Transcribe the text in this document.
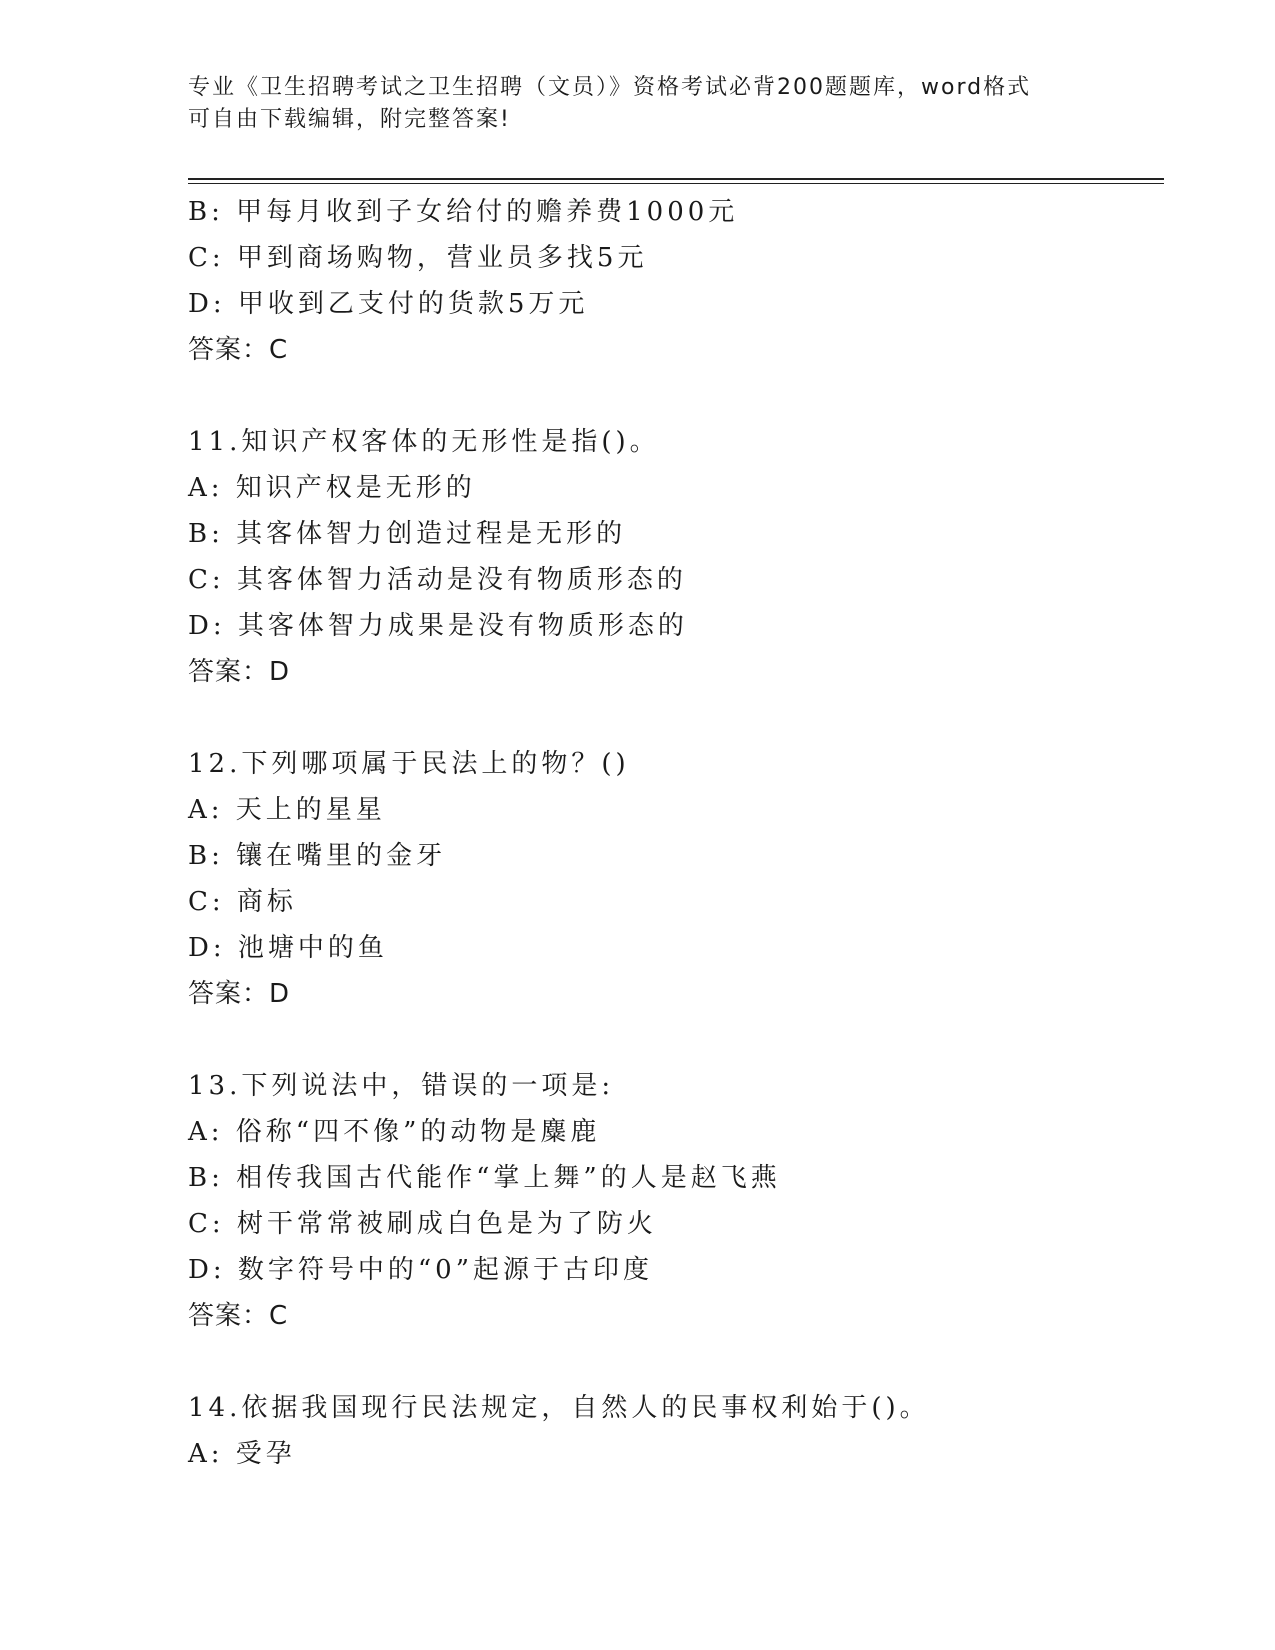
专业《卫生招聘考试之卫生招聘（文员）》资格考试必背200题题库，word格式
可自由下载编辑，附完整答案!
B: 甲每月收到子女给付的赡养费1000元
C: 甲到商场购物，营业员多找5元
D: 甲收到乙支付的货款5万元
答案：C
11.知识产权客体的无形性是指()。
A: 知识产权是无形的
B: 其客体智力创造过程是无形的
C: 其客体智力活动是没有物质形态的
D: 其客体智力成果是没有物质形态的
答案：D
12.下列哪项属于民法上的物？()
A: 天上的星星
B: 镶在嘴里的金牙
C: 商标
D: 池塘中的鱼
答案：D
13.下列说法中，错误的一项是:
A: 俗称“四不像”的动物是麋鹿
B: 相传我国古代能作“掌上舞”的人是赵飞燕
C: 树干常常被刷成白色是为了防火
D: 数字符号中的“0”起源于古印度
答案：C
14.依据我国现行民法规定，自然人的民事权利始于()。
A: 受孕
